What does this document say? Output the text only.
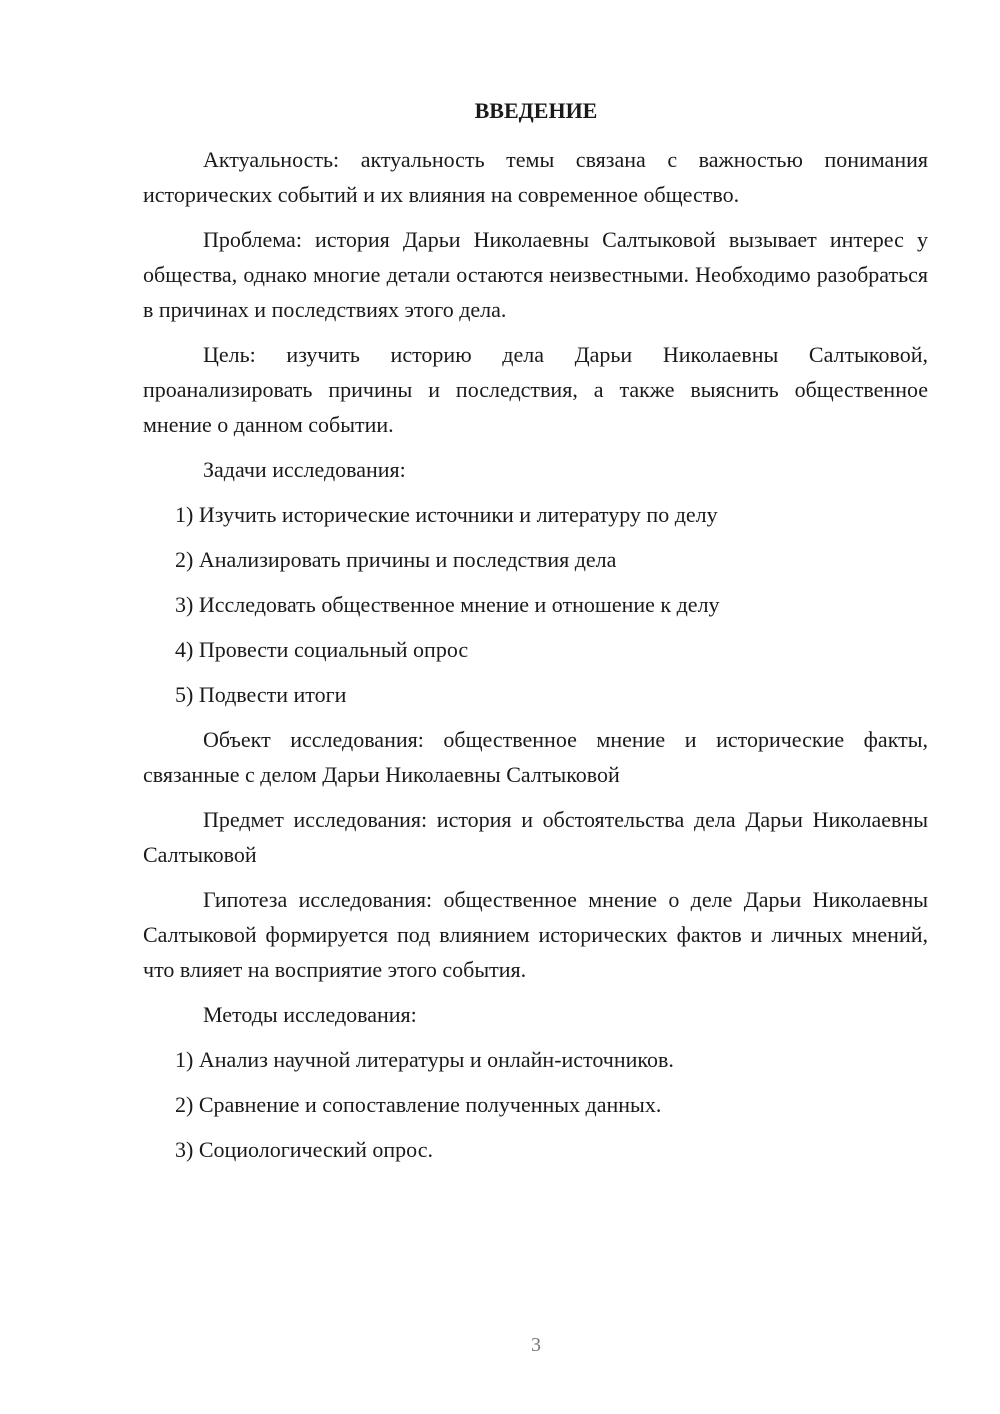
ВВЕДЕНИЕ

Актуальность: актуальность темы связана с важностью понимания исторических событий и их влияния на современное общество.

Проблема: история Дарьи Николаевны Салтыковой вызывает интерес у общества, однако многие детали остаются неизвестными. Необходимо разобраться в причинах и последствиях этого дела.

Цель: изучить историю дела Дарьи Николаевны Салтыковой, проанализировать причины и последствия, а также выяснить общественное мнение о данном событии.

Задачи исследования:

1) Изучить исторические источники и литературу по делу
2) Анализировать причины и последствия дела
3) Исследовать общественное мнение и отношение к делу
4) Провести социальный опрос
5) Подвести итоги

Объект исследования: общественное мнение и исторические факты, связанные с делом Дарьи Николаевны Салтыковой

Предмет исследования: история и обстоятельства дела Дарьи Николаевны Салтыковой

Гипотеза исследования: общественное мнение о деле Дарьи Николаевны Салтыковой формируется под влиянием исторических фактов и личных мнений, что влияет на восприятие этого события.

Методы исследования:

1) Анализ научной литературы и онлайн-источников.
2) Сравнение и сопоставление полученных данных.
3) Социологический опрос.
3
